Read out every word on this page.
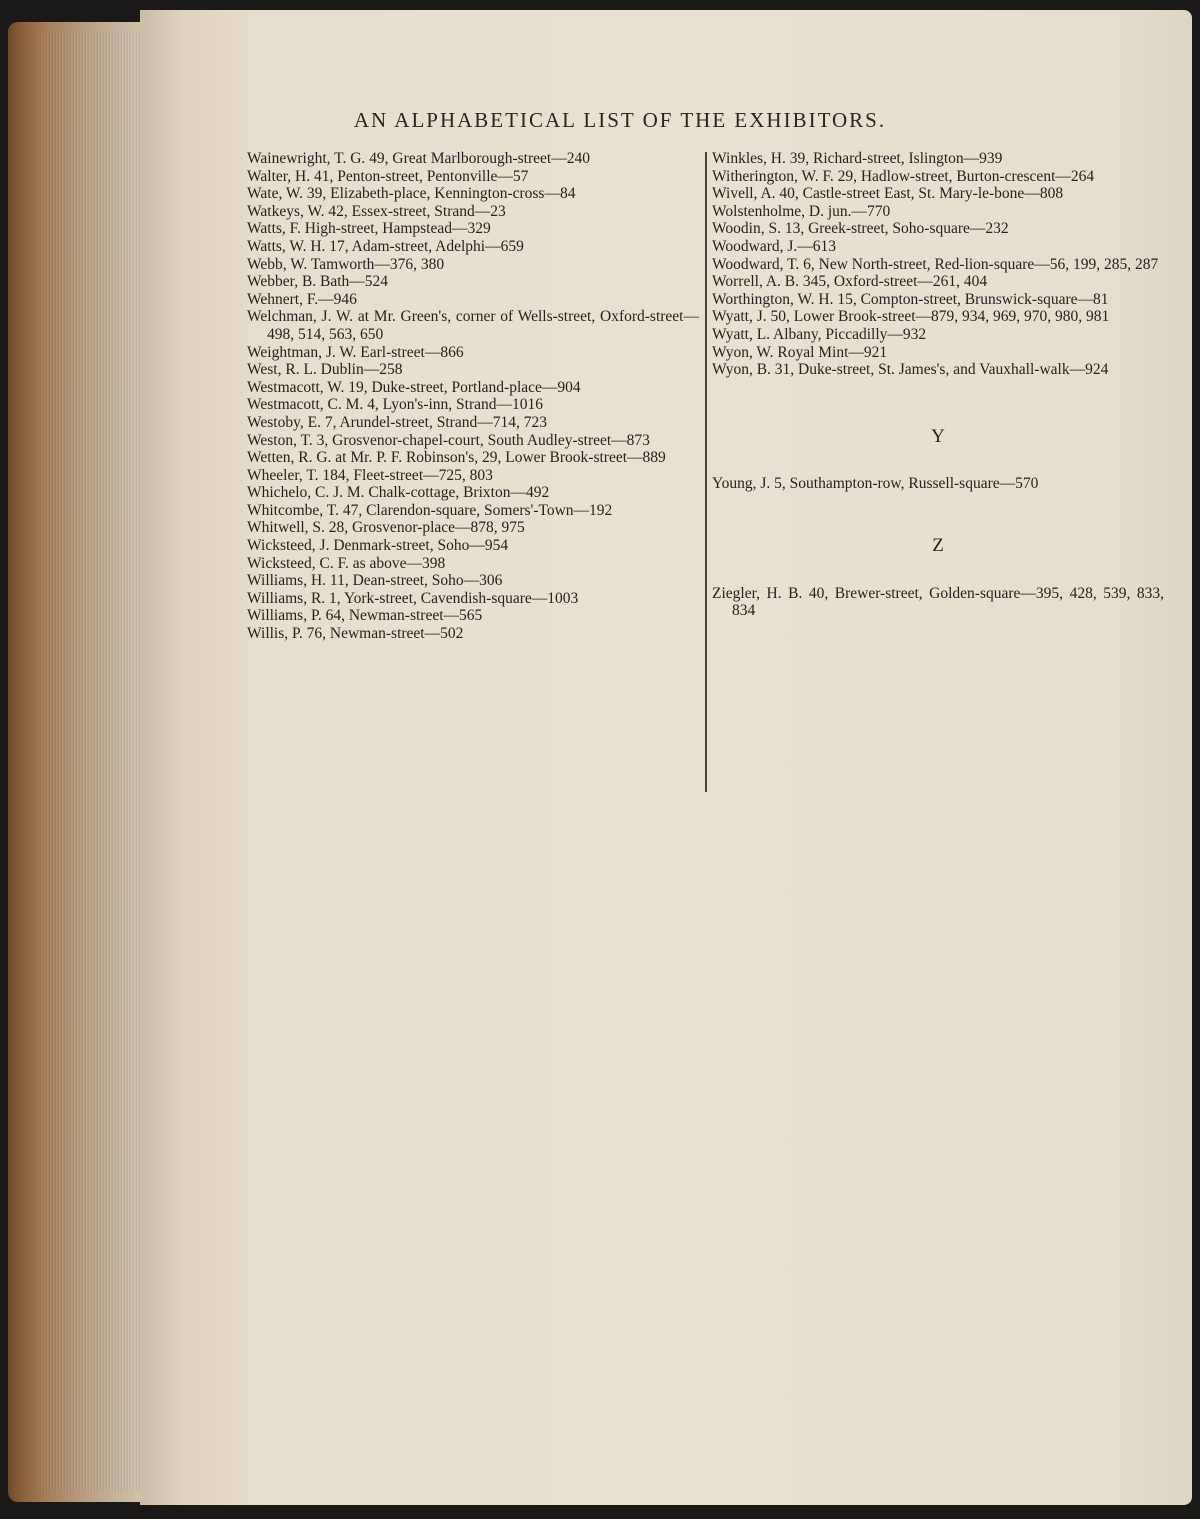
AN ALPHABETICAL LIST OF THE EXHIBITORS.
Wainewright, T. G. 49, Great Marlborough-street—240
Walter, H. 41, Penton-street, Pentonville—57
Wate, W. 39, Elizabeth-place, Kennington-cross—84
Watkeys, W. 42, Essex-street, Strand—23
Watts, F. High-street, Hampstead—329
Watts, W. H. 17, Adam-street, Adelphi—659
Webb, W. Tamworth—376, 380
Webber, B. Bath—524
Wehnert, F.—946
Welchman, J. W. at Mr. Green's, corner of Wells-street, Oxford-street—498, 514, 563, 650
Weightman, J. W. Earl-street—866
West, R. L. Dublin—258
Westmacott, W. 19, Duke-street, Portland-place—904
Westmacott, C. M. 4, Lyon's-inn, Strand—1016
Westoby, E. 7, Arundel-street, Strand—714, 723
Weston, T. 3, Grosvenor-chapel-court, South Audley-street—873
Wetten, R. G. at Mr. P. F. Robinson's, 29, Lower Brook-street—889
Wheeler, T. 184, Fleet-street—725, 803
Whichelo, C. J. M. Chalk-cottage, Brixton—492
Whitcombe, T. 47, Clarendon-square, Somers'-Town—192
Whitwell, S. 28, Grosvenor-place—878, 975
Wicksteed, J. Denmark-street, Soho—954
Wicksteed, C. F. as above—398
Williams, H. 11, Dean-street, Soho—306
Williams, R. 1, York-street, Cavendish-square—1003
Williams, P. 64, Newman-street—565
Willis, P. 76, Newman-street—502
Winkles, H. 39, Richard-street, Islington—939
Witherington, W. F. 29, Hadlow-street, Burton-crescent—264
Wivell, A. 40, Castle-street East, St. Mary-le-bone—808
Wolstenholme, D. jun.—770
Woodin, S. 13, Greek-street, Soho-square—232
Woodward, J.—613
Woodward, T. 6, New North-street, Red-lion-square—56, 199, 285, 287
Worrell, A. B. 345, Oxford-street—261, 404
Worthington, W. H. 15, Compton-street, Brunswick-square—81
Wyatt, J. 50, Lower Brook-street—879, 934, 969, 970, 980, 981
Wyatt, L. Albany, Piccadilly—932
Wyon, W. Royal Mint—921
Wyon, B. 31, Duke-street, St. James's, and Vauxhall-walk—924
Y
Young, J. 5, Southampton-row, Russell-square—570
Z
Ziegler, H. B. 40, Brewer-street, Golden-square—395, 428, 539, 833, 834
